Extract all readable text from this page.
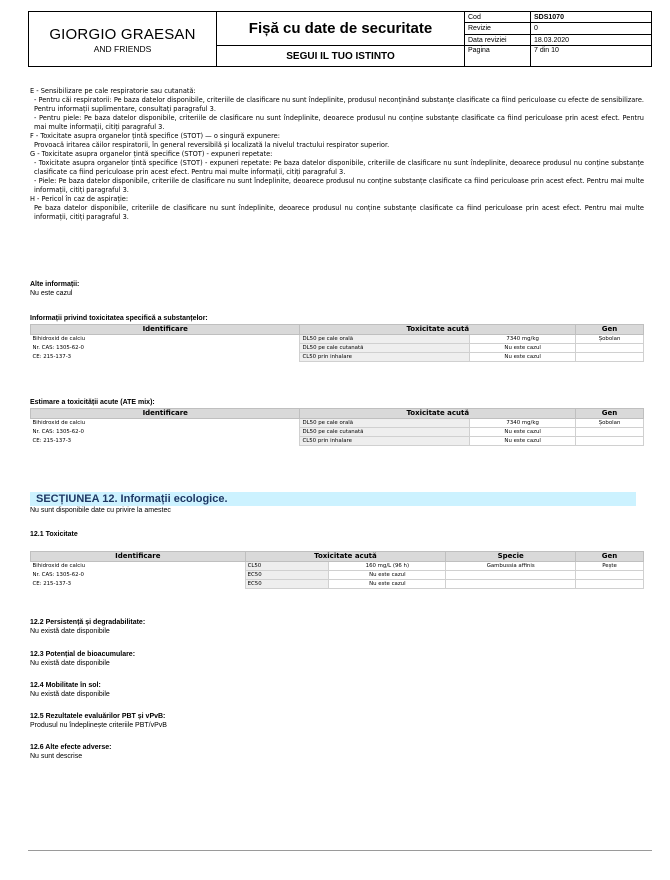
GIORGIO GRAESAN
AND FRIENDS	Fișă cu date de securitate	Cod	SDS1070
		Revizie	0
		Data reviziei	18.03.2020
	SEGUI IL TUO ISTINTO	Pagina	7 din 10

E - Sensibilizare pe cale respiratorie sau cutanată:

- Pentru căi respiratorii: Pe baza datelor disponibile, criteriile de clasificare nu sunt îndeplinite, produsul neconținând substanțe clasificate ca fiind periculoase cu efecte de sensibilizare. Pentru informații suplimentare, consultați paragraful 3.

- Pentru piele: Pe baza datelor disponibile, criteriile de clasificare nu sunt îndeplinite, deoarece produsul nu conține substanțe clasificate ca fiind periculoase prin acest efect. Pentru mai multe informații, citiți paragraful 3.

F - Toxicitate asupra organelor țintă specifice (STOT) — o singură expunere:

Provoacă iritarea căilor respiratorii, în general reversibilă și localizată la nivelul tractului respirator superior.

G - Toxicitate asupra organelor țintă specifice (STOT) - expuneri repetate:

- Toxicitate asupra organelor țintă specifice (STOT) - expuneri repetate: Pe baza datelor disponibile, criteriile de clasificare nu sunt îndeplinite, deoarece produsul nu conține substanțe clasificate ca fiind periculoase prin acest efect. Pentru mai multe informații, citiți paragraful 3.

- Piele: Pe baza datelor disponibile, criteriile de clasificare nu sunt îndeplinite, deoarece produsul nu conține substanțe clasificate ca fiind periculoase prin acest efect. Pentru mai multe informații, citiți paragraful 3.

H - Pericol în caz de aspirație:

Pe baza datelor disponibile, criteriile de clasificare nu sunt îndeplinite, deoarece produsul nu conține substanțe clasificate ca fiind periculoase prin acest efect. Pentru mai multe informații, citiți paragraful 3.

Alte informații:
Nu este cazul
Informații privind toxicitatea specifică a substanțelor:
Identificare	Toxicitate acută		Gen
Bihidroxid de calciu	DL50 pe cale orală	7340 mg/kg	Șobolan
Nr. CAS: 1305-62-0	DL50 pe cale cutanată	Nu este cazul	
CE: 215-137-3	CL50 prin inhalare	Nu este cazul	
Estimare a toxicității acute (ATE mix):
Identificare	Toxicitate acută		Gen
Bihidroxid de calciu	DL50 pe cale orală	7340 mg/kg	Șobolan
Nr. CAS: 1305-62-0	DL50 pe cale cutanată	Nu este cazul	
CE: 215-137-3	CL50 prin inhalare	Nu este cazul	
SECȚIUNEA 12. Informații ecologice.
Nu sunt disponibile date cu privire la amestec
12.1 Toxicitate
Identificare	Toxicitate acută		Specie	Gen
Bihidroxid de calciu	CL50	160 mg/L (96 h)	Gambussia affinis	Pește
Nr. CAS: 1305-62-0	EC50	Nu este cazul		
CE: 215-137-3	EC50	Nu este cazul		
12.2 Persistență și degradabilitate:
Nu există date disponibile
12.3 Potențial de bioacumulare:
Nu există date disponibile
12.4 Mobilitate în sol:
Nu există date disponibile
12.5 Rezultatele evaluărilor PBT și vPvB:
Produsul nu îndeplinește criteriile PBT/vPvB
12.6 Alte efecte adverse:
Nu sunt descrise
